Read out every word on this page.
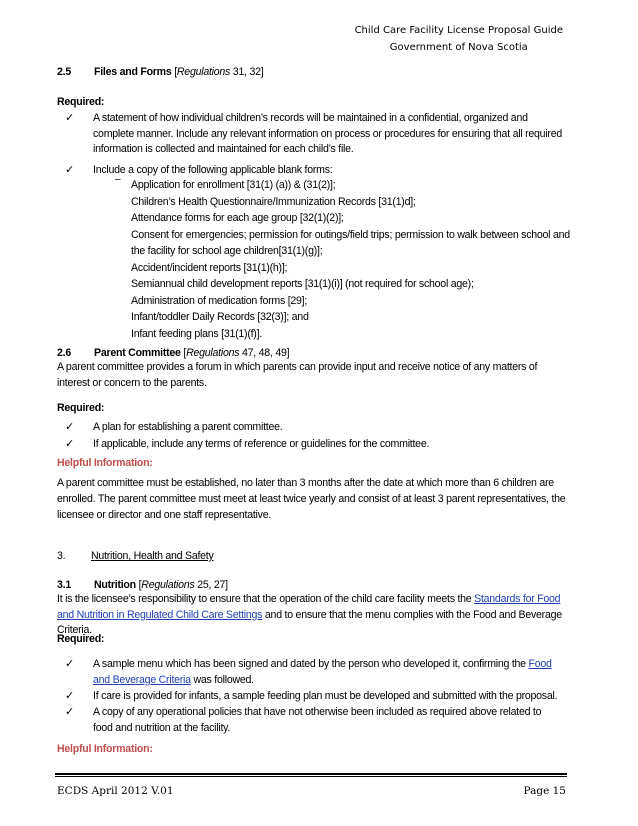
Child Care Facility License Proposal Guide
Government of Nova Scotia
2.5 Files and Forms [Regulations 31, 32]
Required:
✓ A statement of how individual children’s records will be maintained in a confidential, organized and complete manner. Include any relevant information on process or procedures for ensuring that all required information is collected and maintained for each child’s file.
✓ Include a copy of the following applicable blank forms:
– Application for enrollment [31(1) (a)) & (31(2)];
Children’s Health Questionnaire/Immunization Records [31(1)d];
Attendance forms for each age group [32(1)(2)];
Consent for emergencies; permission for outings/field trips; permission to walk between school and the facility for school age children[31(1)(g)];
Accident/incident reports [31(1)(h)];
Semiannual child development reports [31(1)(i)] (not required for school age);
Administration of medication forms [29];
Infant/toddler Daily Records [32(3)]; and
Infant feeding plans [31(1)(f)].
2.6 Parent Committee [Regulations 47, 48, 49]
A parent committee provides a forum in which parents can provide input and receive notice of any matters of interest or concern to the parents.
Required:
✓ A plan for establishing a parent committee.
✓ If applicable, include any terms of reference or guidelines for the committee.
Helpful Information:
A parent committee must be established, no later than 3 months after the date at which more than 6 children are enrolled. The parent committee must meet at least twice yearly and consist of at least 3 parent representatives, the licensee or director and one staff representative.
3. Nutrition, Health and Safety
3.1 Nutrition [Regulations 25, 27]
It is the licensee’s responsibility to ensure that the operation of the child care facility meets the Standards for Food and Nutrition in Regulated Child Care Settings and to ensure that the menu complies with the Food and Beverage Criteria.
Required:
✓ A sample menu which has been signed and dated by the person who developed it, confirming the Food and Beverage Criteria was followed.
✓ If care is provided for infants, a sample feeding plan must be developed and submitted with the proposal.
✓ A copy of any operational policies that have not otherwise been included as required above related to food and nutrition at the facility.
Helpful Information:
ECDS April 2012 V.01	Page 15
